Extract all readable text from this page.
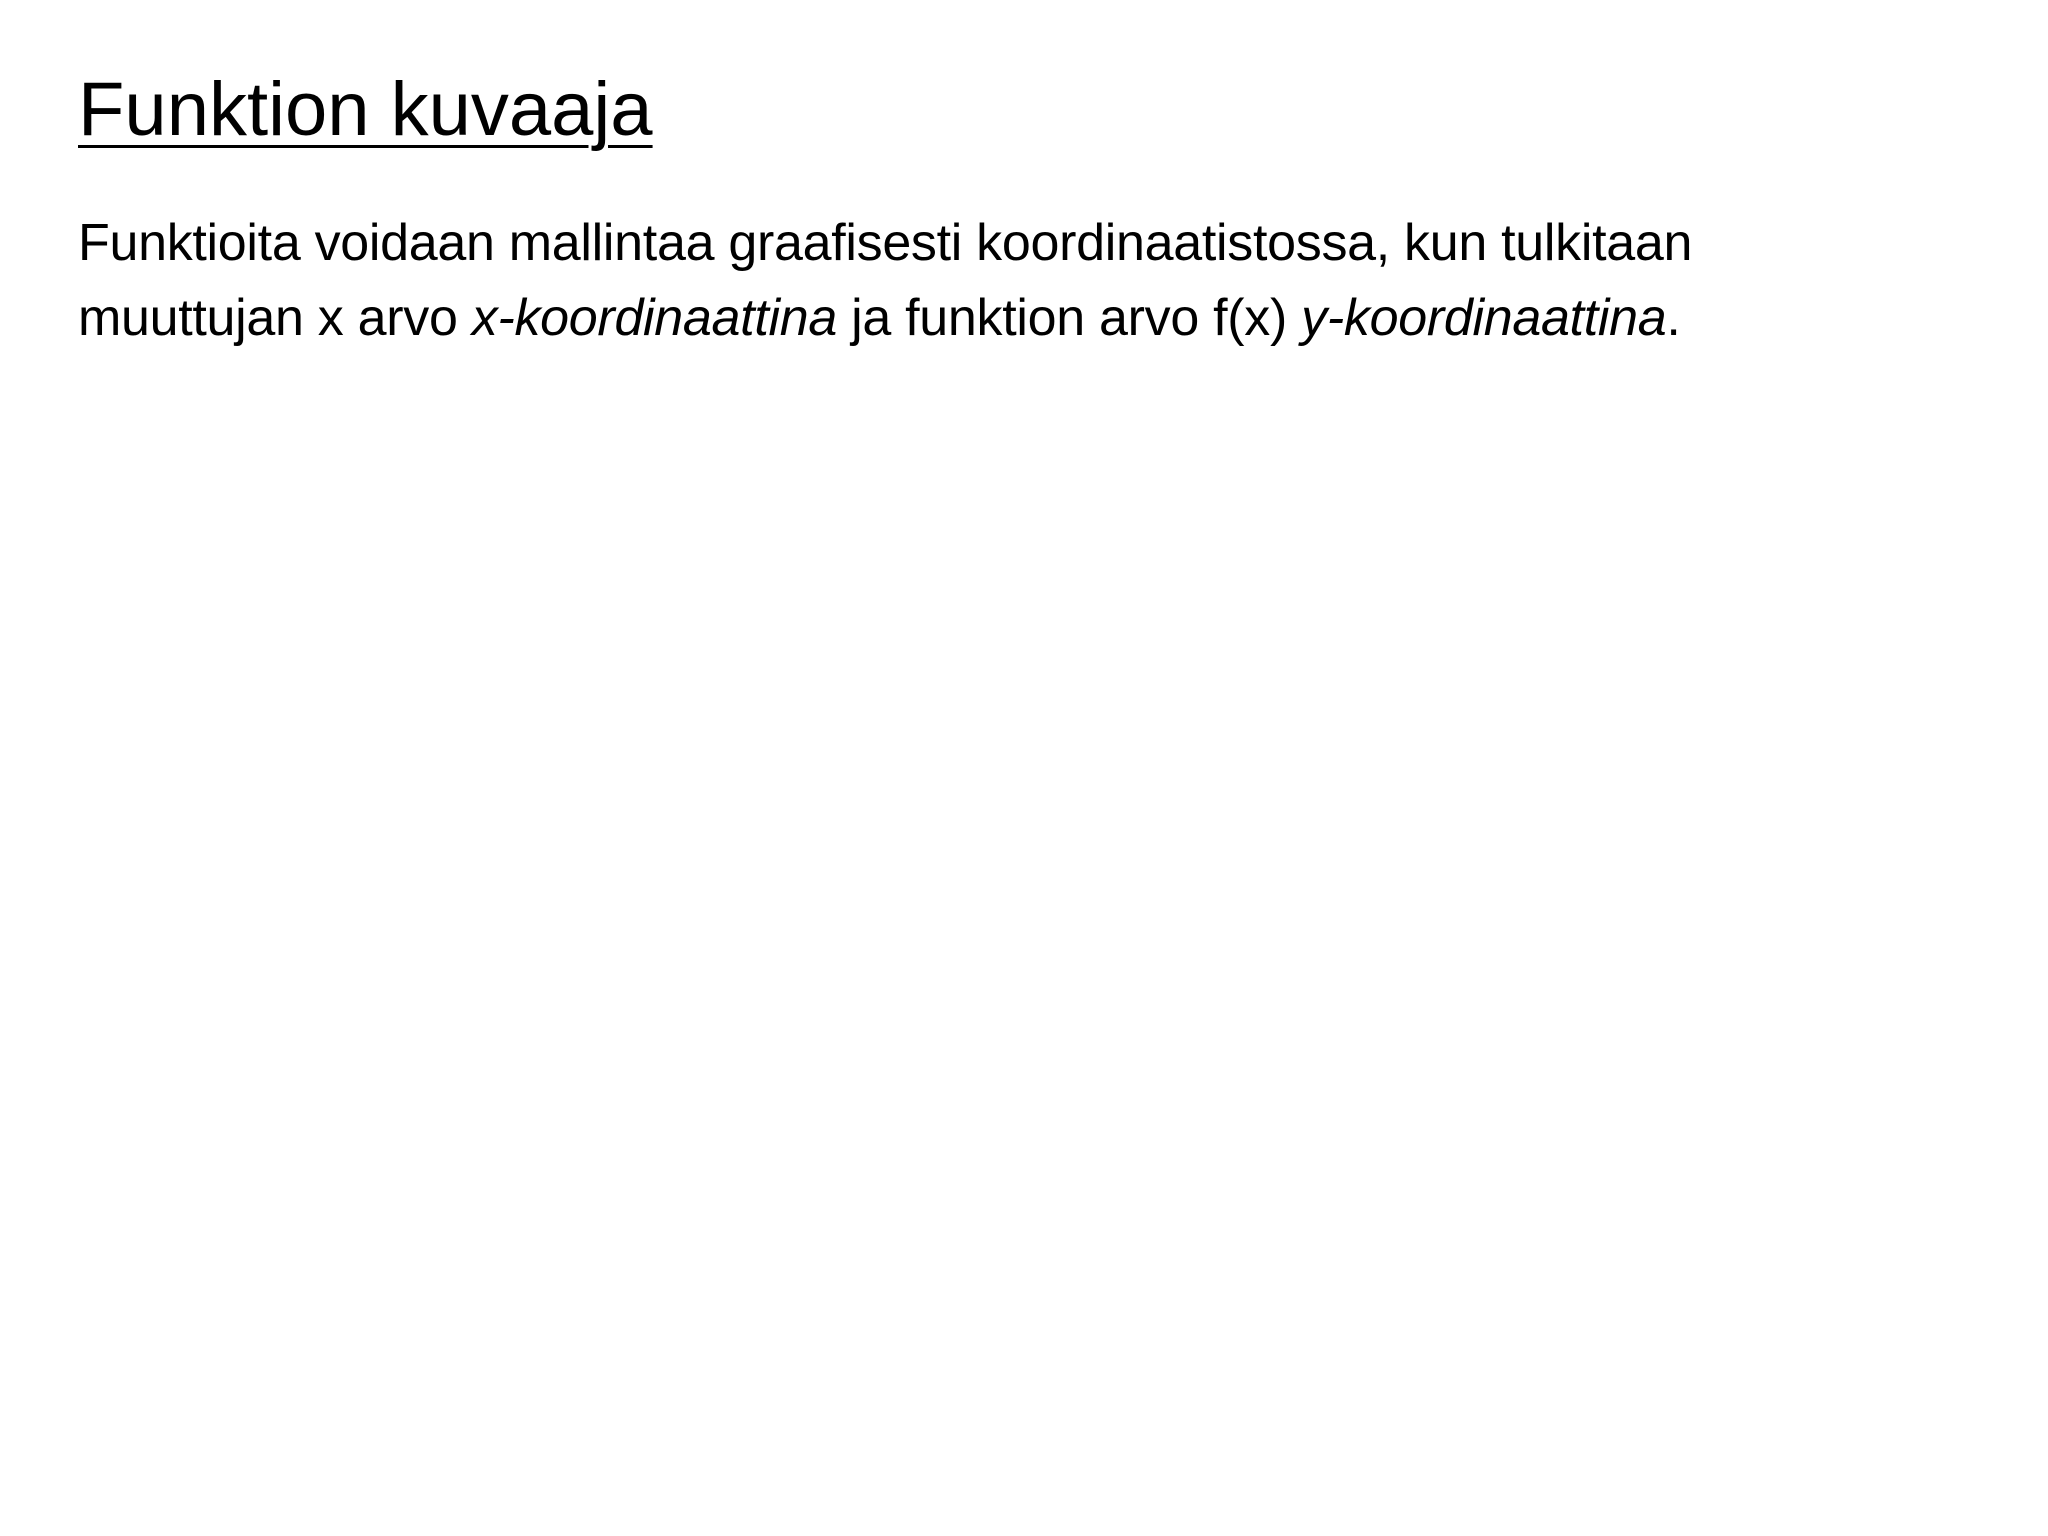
Funktion kuvaaja

Funktioita voidaan mallintaa graafisesti koordinaatistossa, kun tulkitaan
muuttujan x arvo x-koordinaattina ja funktion arvo f(x) y-koordinaattina.
